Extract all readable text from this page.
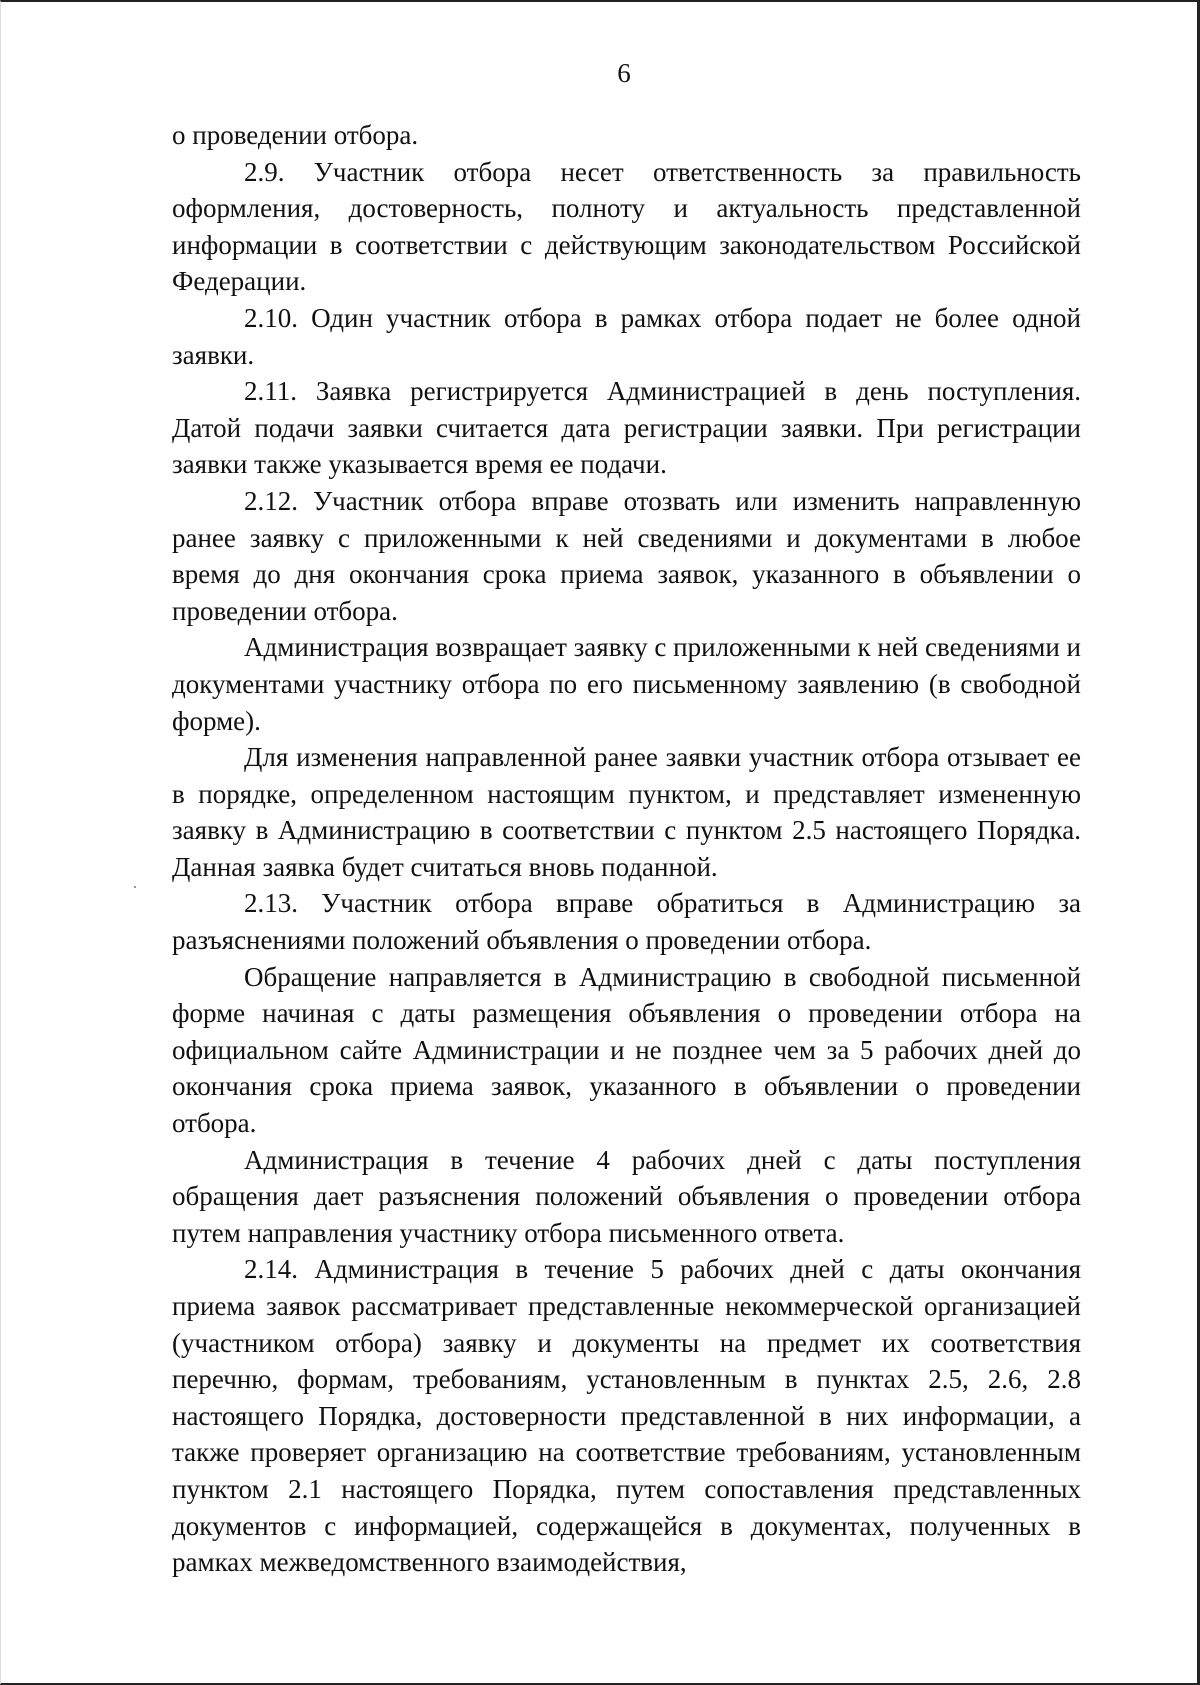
6

о проведении отбора.

2.9. Участник отбора несет ответственность за правильность оформления, достоверность, полноту и актуальность представленной информации в соответствии с действующим законодательством Российской Федерации.

2.10. Один участник отбора в рамках отбора подает не более одной заявки.

2.11. Заявка регистрируется Администрацией в день поступления. Датой подачи заявки считается дата регистрации заявки. При регистрации заявки также указывается время ее подачи.

2.12. Участник отбора вправе отозвать или изменить направленную ранее заявку с приложенными к ней сведениями и документами в любое время до дня окончания срока приема заявок, указанного в объявлении о проведении отбора.

Администрация возвращает заявку с приложенными к ней сведениями и документами участнику отбора по его письменному заявлению (в свободной форме).

Для изменения направленной ранее заявки участник отбора отзывает ее в порядке, определенном настоящим пунктом, и представляет измененную заявку в Администрацию в соответствии с пунктом 2.5 настоящего Порядка. Данная заявка будет считаться вновь поданной.

2.13. Участник отбора вправе обратиться в Администрацию за разъяснениями положений объявления о проведении отбора.

Обращение направляется в Администрацию в свободной письменной форме начиная с даты размещения объявления о проведении отбора на официальном сайте Администрации и не позднее чем за 5 рабочих дней до окончания срока приема заявок, указанного в объявлении о проведении отбора.

Администрация в течение 4 рабочих дней с даты поступления обращения дает разъяснения положений объявления о проведении отбора путем направления участнику отбора письменного ответа.

2.14. Администрация в течение 5 рабочих дней с даты окончания приема заявок рассматривает представленные некоммерческой организацией (участником отбора) заявку и документы на предмет их соответствия перечню, формам, требованиям, установленным в пунктах 2.5, 2.6, 2.8 настоящего Порядка, достоверности представленной в них информации, а также проверяет организацию на соответствие требованиям, установленным пунктом 2.1 настоящего Порядка, путем сопоставления представленных документов с информацией, содержащейся в документах, полученных в рамках межведомственного взаимодействия,
